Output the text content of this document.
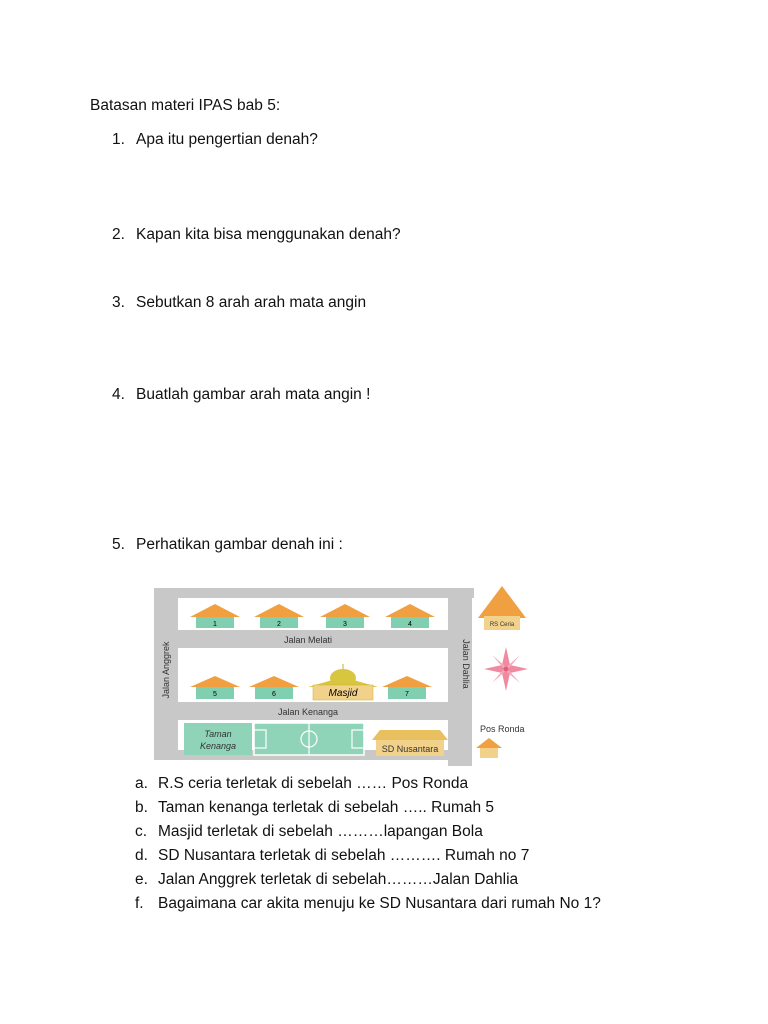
Batasan materi IPAS bab 5:
1. Apa itu pengertian denah?
2. Kapan kita bisa menggunakan denah?
3. Sebutkan 8 arah arah mata angin
4. Buatlah gambar arah mata angin !
5. Perhatikan gambar denah ini :
Jalan Melati
Jalan Kenanga
Jalan Anggrek	Jalan Dahlia
1	2	3	4
5	6	Masjid	7
Taman
Kenanga	SD Nusantara
RS Ceria
Pos Ronda
a. R.S ceria terletak di sebelah …… Pos Ronda
b. Taman kenanga terletak di sebelah ….. Rumah 5
c. Masjid terletak di sebelah ………lapangan Bola
d. SD Nusantara terletak di sebelah ………. Rumah no 7
e. Jalan Anggrek terletak di sebelah………Jalan Dahlia
f. Bagaimana car akita menuju ke SD Nusantara dari rumah No 1?
